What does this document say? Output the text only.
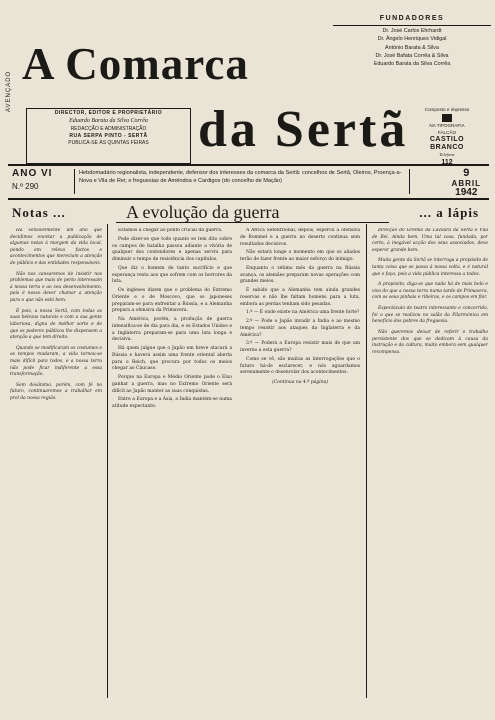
AVENÇADO
A Comarca
da Sertã
FUNDADORES
Dr. José Carlos Ehrhardt
Dr. Ângelo Henriques Vidigal
António Barata & Silva
Dr. José Bafata Corrêa & Silva
Eduardo Barata da Silva Corrêa
DIRECTOR, EDITOR E PROPRIETÁRIO
Eduardo Barata da Silva Corrêa
REDACÇÃO E ADMINISTRAÇÃO
RUA SERPA PINTO - SERTÃ
PUBLICA-SE ÀS QUINTAS FEIRAS
Composto e impresso
NA TIPOGRAFIA FALCÃO
CASTILO
BRANCO
Telefone
112
ANO VI
N.º 290
Hebdomadário regionalista, independente, defensor dos interesses da comarca da Sertã: concelhos de Sertã, Oleiros, Proença-a-Nova e Vila de Rei; e freguesias de Amêndoa e Cardigos (do concelho de Mação)
9
ABRIL
1942
Notas ...	A evolução da guerra	... a lápis

Há sensivelmente um ano que decidimos encetar a publicação de algumas notas à margem da vida local, pondo em relevo factos e acontecimentos que mereciam a atenção do público e das entidades responsáveis.

Não nos cansaremos de insistir nos problemas que mais de perto interessam à nossa terra e ao seu desenvolvimento, pois é nosso dever chamar a atenção para o que não está bem.

É pois, a nossa Sertã, com todas as suas belezas naturais e com a sua gente laboriosa, digna de melhor sorte e de que os poderes públicos lhe dispensem a atenção a que tem direito.

Quando se modificaram os costumes e os tempos mudaram, a vida tornou-se mais difícil para todos, e a nossa terra não pode ficar indiferente a essa transformação.

Sem desânimo, porém, com fé no futuro, continuaremos a trabalhar em prol da nossa região.

Estamos a chegar ao ponto crucial da guerra.

Pode dizer-se que todo quanto se tem dito sobre os campos de batalha passou adiante a vitória de qualquer dos contendores e apenas serviu para diminuir o tempo de resistência dos capítulos.

Que diz o homem de tanto sacrifício e que esperança resta aos que sofrem com os horrores da luta.

Os ingleses dizem que o problema do Extremo Oriente e o de Moscovo, que os japoneses preparam-se para enfrentar a Rússia, e a Alemanha prepara a ofensiva da Primavera.

Na América, porém, a produção de guerra intensifica-se de dia para dia, e os Estados Unidos e a Inglaterra preparam-se para uma luta longa e decisiva.

Há quem julgue que o Japão em breve atacará a Rússia e haverá assim uma frente oriental aberta para o Reich, que procura por todos os meios chegar ao Cáucaso.

Porque na Europa e Médio Oriente pode o Eixo ganhar a guerra, mas no Extremo Oriente será difícil ao Japão manter as suas conquistas.

Entre a Europa e a Ásia, a Índia mantém-se numa atitude expectante.

A África Setentrional, depois, esperou a ofensiva de Rommel e a guerra no deserto continua sem resultados decisivos.

Não estará longe o momento em que os aliados terão de fazer frente ao maior esforço do inimigo.

Enquanto o sétimo mês da guerra na Rússia avança, os alemães preparam novas operações com grandes meios.

É sabido que a Alemanha tem ainda grandes reservas e não lhe faltam homens para a luta, embora as perdas tenham sido pesadas.

1.º — É onde existe na América uma frente forte?

2.º — Pode o Japão invadir a Índia e ao mesmo tempo resistir aos ataques da Inglaterra e da América?

3.º — Poderá a Europa resistir mais de que um inverno a esta guerra?

Como se vê, são muitas as interrogações que o futuro há-de esclarecer, e nós aguardamos serenamente o desenrolar dos acontecimentos.

(Continua na 4.ª página)

direcção do Grémio da Lavoura da Sertã e Vila de Rei. Ainda bem. Uma tal casa, fundada, por certo, à inegável acção dos seus associados, deve esperar grande bem.

Muita gente da Sertã se interroga a propósito de tanta coisa que se passa à nossa volta, e é natural que o faça, pois a vida pública interessa a todos.

A propósito, diga-se que nada há de mais belo e vivo do que a nossa terra numa tarde de Primavera, com os seus pinhais e ribeiras, e os campos em flor.

Espectáculo de teatro interessante e concorrido, foi o que se realizou no salão da Filarmónica em benefício dos pobres da freguesia.

Não queremos deixar de referir o trabalho persistente dos que se dedicam à causa da instrução e da cultura, muito embora sem qualquer recompensa.
